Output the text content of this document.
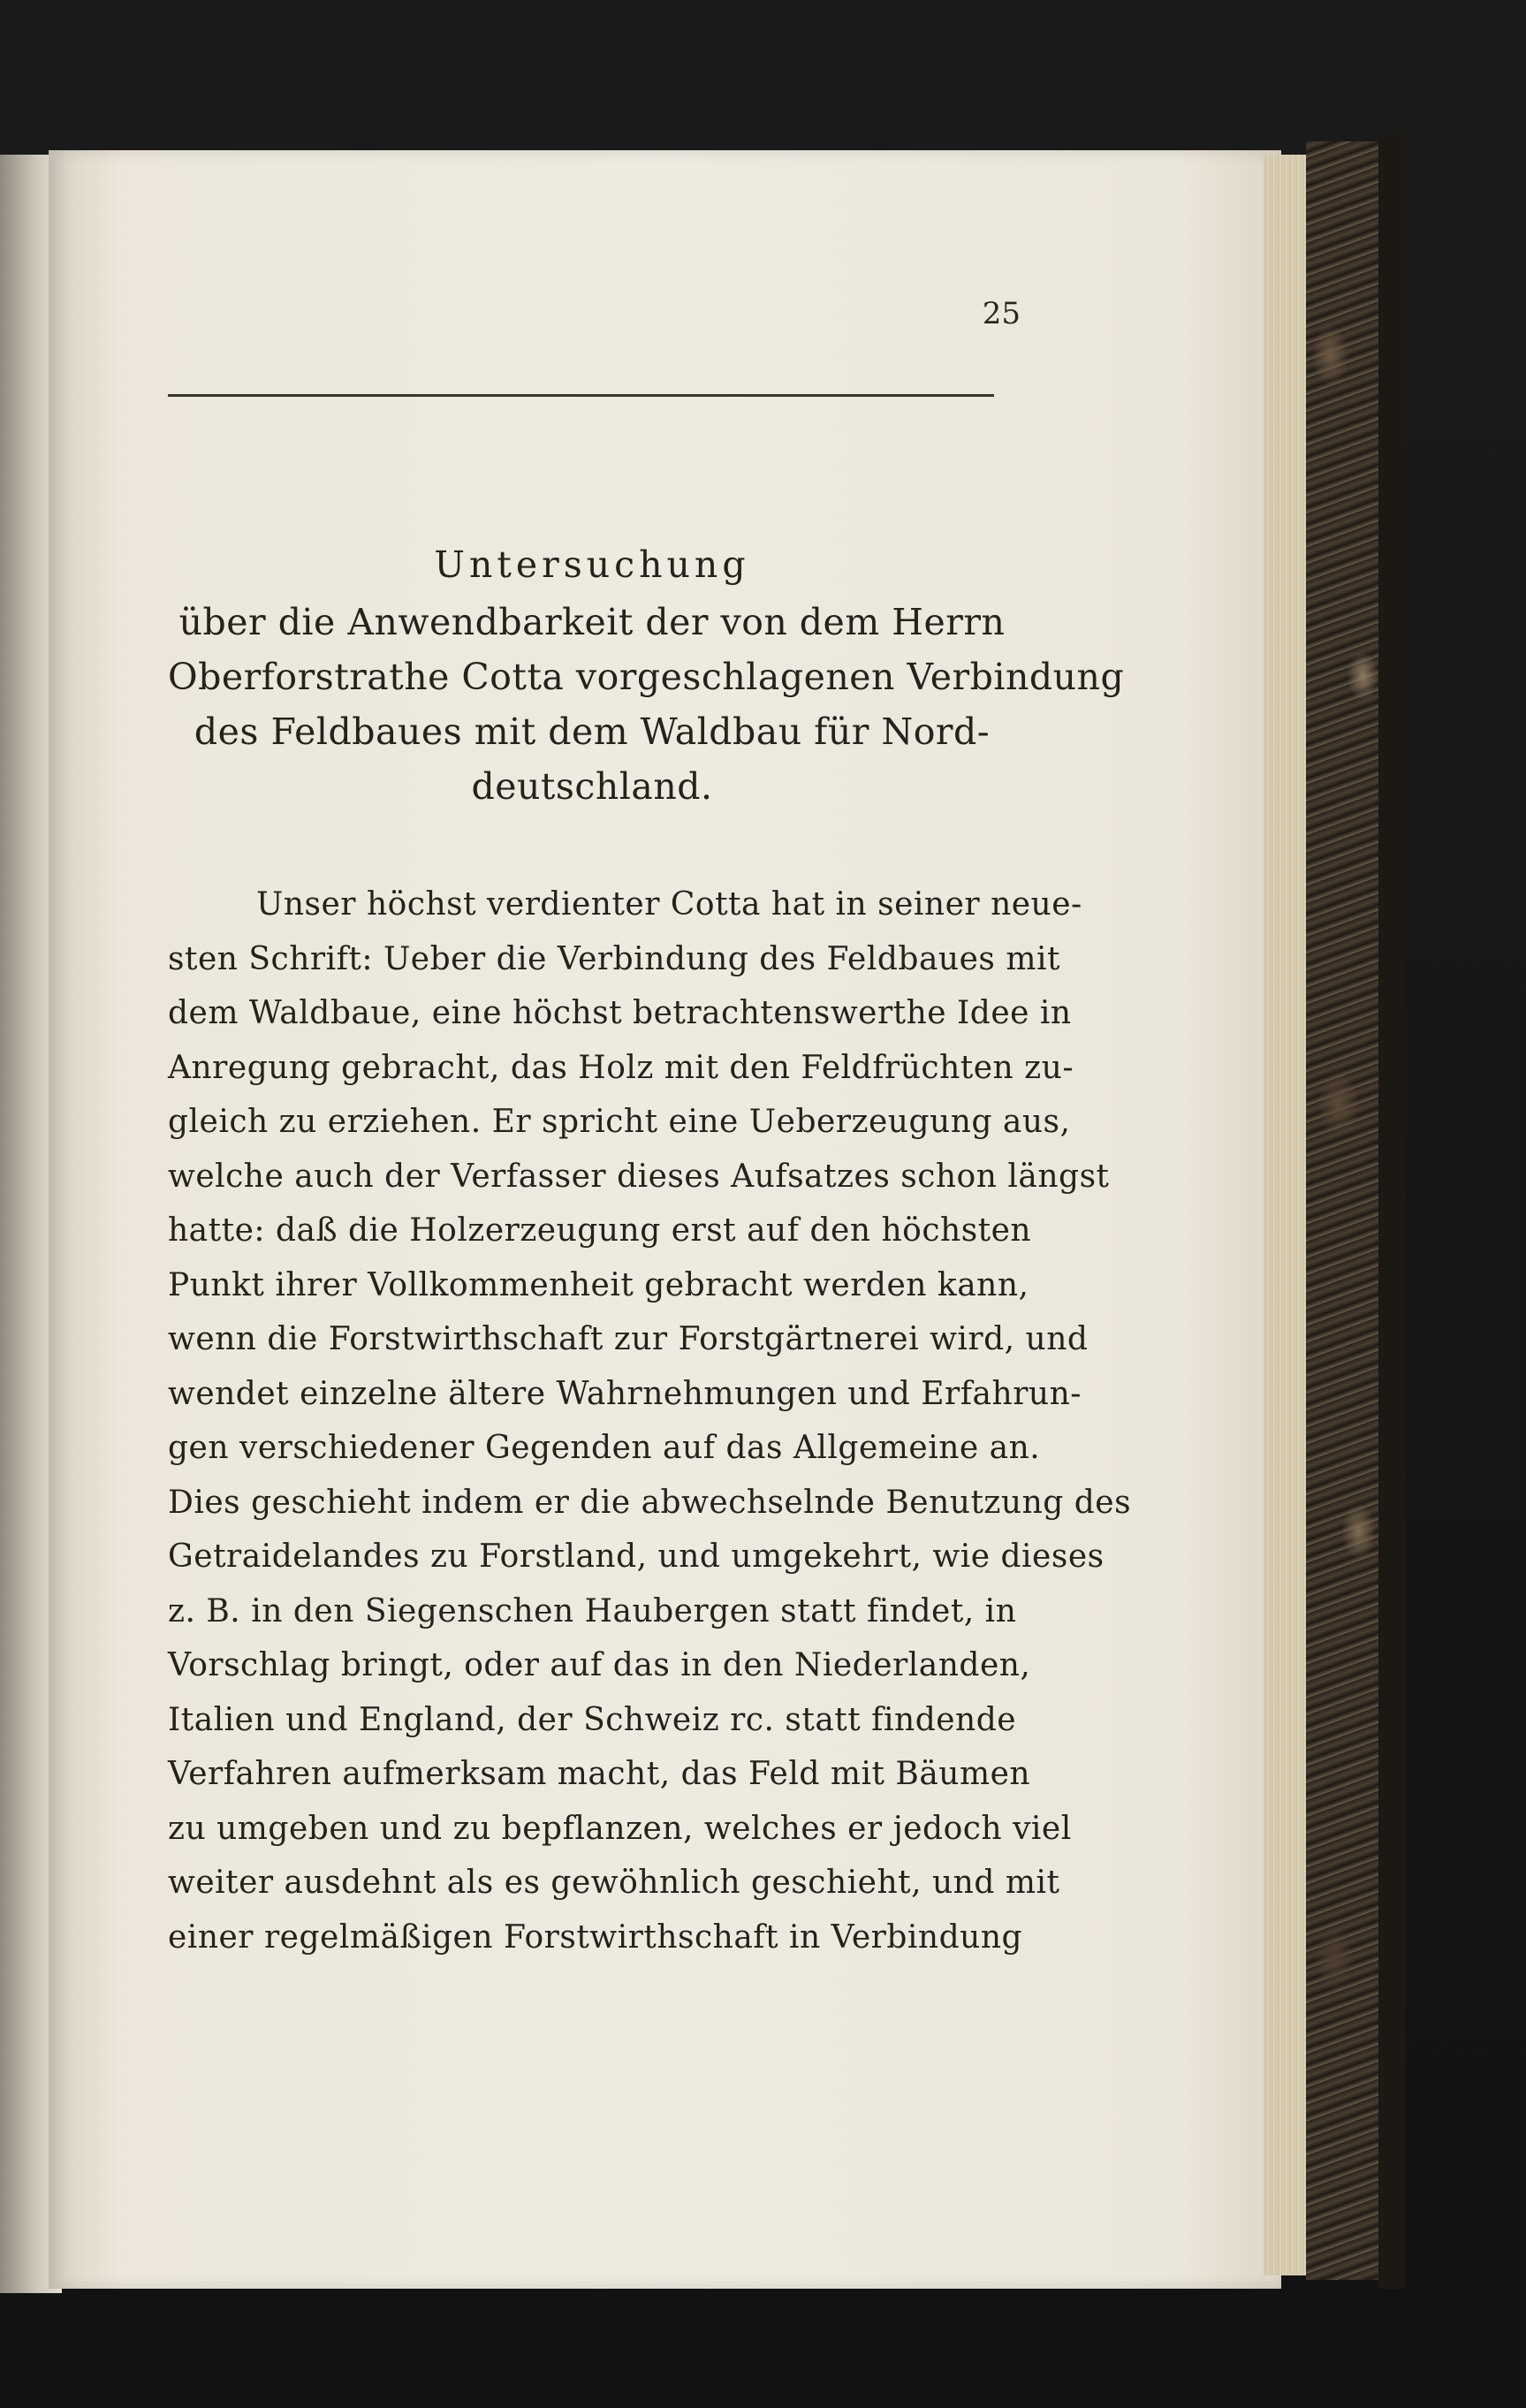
25
Untersuchung
über die Anwendbarkeit der von dem Herrn
Oberforstrathe Cotta vorgeschlagenen Verbindung
des Feldbaues mit dem Waldbau für Nord-
deutschland.
Unser höchst verdienter Cotta hat in seiner neue-
sten Schrift: Ueber die Verbindung des Feldbaues mit
dem Waldbaue, eine höchst betrachtenswerthe Idee in
Anregung gebracht, das Holz mit den Feldfrüchten zu-
gleich zu erziehen. Er spricht eine Ueberzeugung aus,
welche auch der Verfasser dieses Aufsatzes schon längst
hatte: daß die Holzerzeugung erst auf den höchsten
Punkt ihrer Vollkommenheit gebracht werden kann,
wenn die Forstwirthschaft zur Forstgärtnerei wird, und
wendet einzelne ältere Wahrnehmungen und Erfahrun-
gen verschiedener Gegenden auf das Allgemeine an.
Dies geschieht indem er die abwechselnde Benutzung des
Getraidelandes zu Forstland, und umgekehrt, wie dieses
z. B. in den Siegenschen Haubergen statt findet, in
Vorschlag bringt, oder auf das in den Niederlanden,
Italien und England, der Schweiz rc. statt findende
Verfahren aufmerksam macht, das Feld mit Bäumen
zu umgeben und zu bepflanzen, welches er jedoch viel
weiter ausdehnt als es gewöhnlich geschieht, und mit
einer regelmäßigen Forstwirthschaft in Verbindung
